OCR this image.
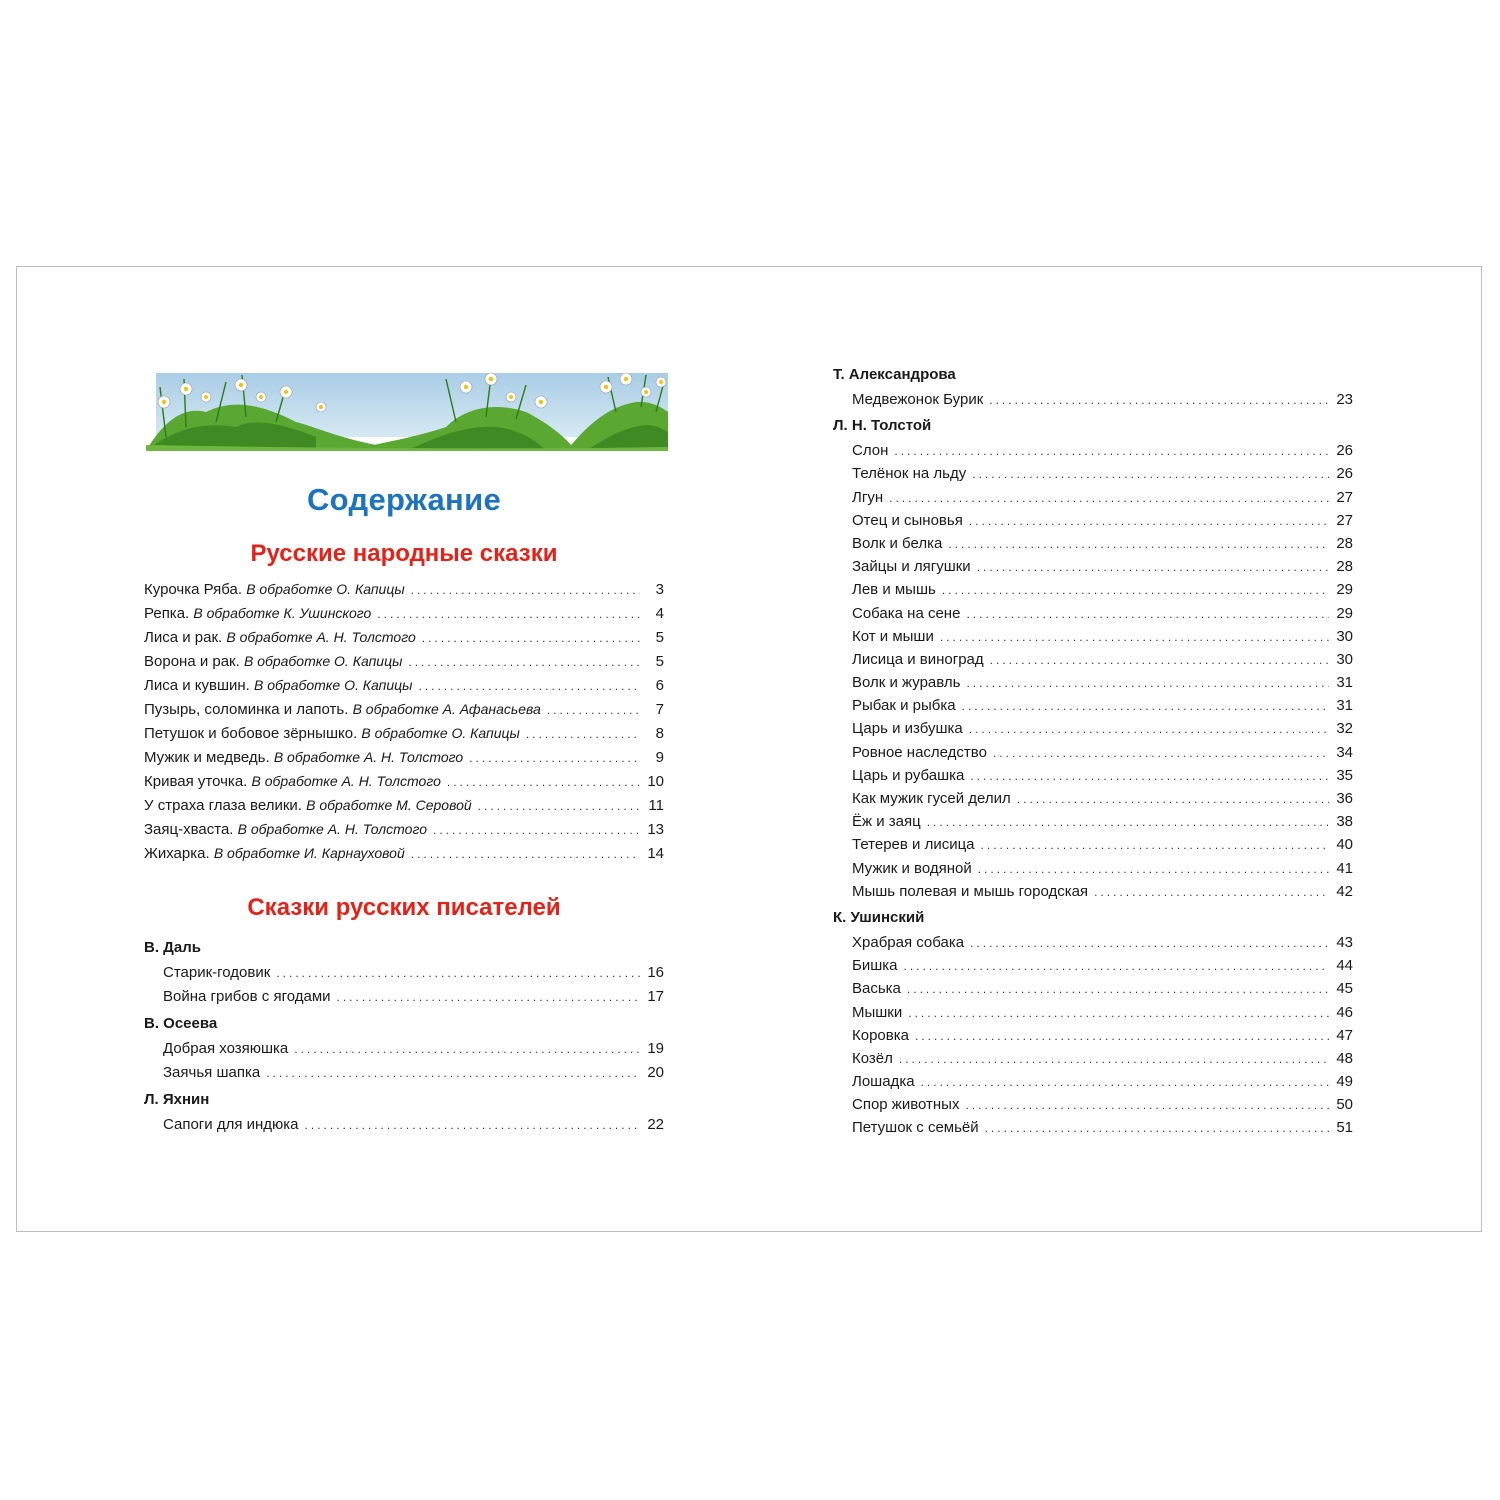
Содержание
Русские народные сказки
Курочка Ряба. В обработке О. Капицы .....	3
Репка. В обработке К. Ушинского .....	4
Лиса и рак. В обработке А. Н. Толстого .....	5
Ворона и рак. В обработке О. Капицы .....	5
Лиса и кувшин. В обработке О. Капицы .....	6
Пузырь, соломинка и лапоть. В обработке А. Афанасьева .....	7
Петушок и бобовое зёрнышко. В обработке О. Капицы .....	8
Мужик и медведь. В обработке А. Н. Толстого .....	9
Кривая уточка. В обработке А. Н. Толстого .....	10
У страха глаза велики. В обработке М. Серовой .....	11
Заяц-хваста. В обработке А. Н. Толстого .....	13
Жихарка. В обработке И. Карнауховой .....	14
Сказки русских писателей
В. Даль
Старик-годовик .....	16
Война грибов с ягодами .....	17
В. Осеева
Добрая хозяюшка .....	19
Заячья шапка .....	20
Л. Яхнин
Сапоги для индюка .....	22
Т. Александрова
Медвежонок Бурик .....	23
Л. Н. Толстой
Слон .....	26
Телёнок на льду .....	26
Лгун .....	27
Отец и сыновья .....	27
Волк и белка .....	28
Зайцы и лягушки .....	28
Лев и мышь .....	29
Собака на сене .....	29
Кот и мыши .....	30
Лисица и виноград .....	30
Волк и журавль .....	31
Рыбак и рыбка .....	31
Царь и избушка .....	32
Ровное наследство .....	34
Царь и рубашка .....	35
Как мужик гусей делил .....	36
Ёж и заяц .....	38
Тетерев и лисица .....	40
Мужик и водяной .....	41
Мышь полевая и мышь городская .....	42
К. Ушинский
Храбрая собака .....	43
Бишка .....	44
Васька .....	45
Мышки .....	46
Коровка .....	47
Козёл .....	48
Лошадка .....	49
Спор животных .....	50
Петушок с семьёй .....	51
